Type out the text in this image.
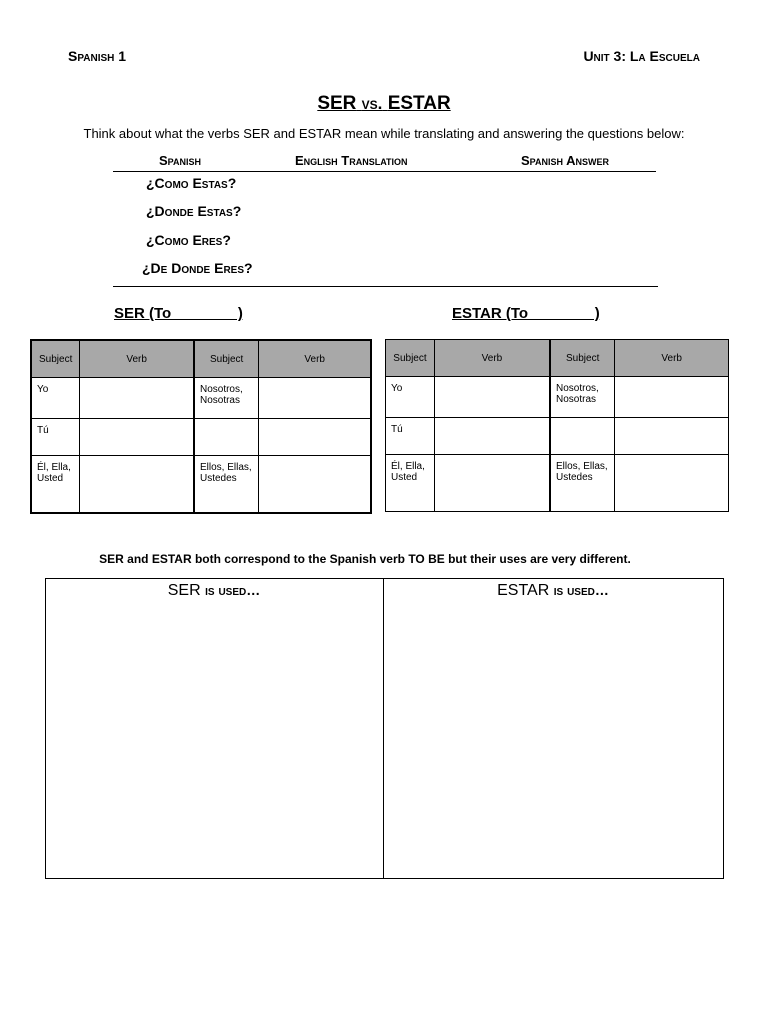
Spanish 1	Unit 3: La Escuela
SER vs. ESTAR
Think about what the verbs SER and ESTAR mean while translating and answering the questions below:
Spanish	English Translation	Spanish Answer
¿Como Estas?
¿Donde Estas?
¿Como Eres?
¿De Donde Eres?
SER (To                )	ESTAR (To                )
Subject	Verb	Subject	Verb
Yo		Nosotros, Nosotras	
Tú			
Él, Ella, Usted		Ellos, Ellas, Ustedes	
Subject	Verb	Subject	Verb
Yo		Nosotros, Nosotras	
Tú			
Él, Ella, Usted		Ellos, Ellas, Ustedes	
SER and ESTAR both correspond to the Spanish verb TO BE but their uses are very different.
SER is used…	ESTAR is used…
